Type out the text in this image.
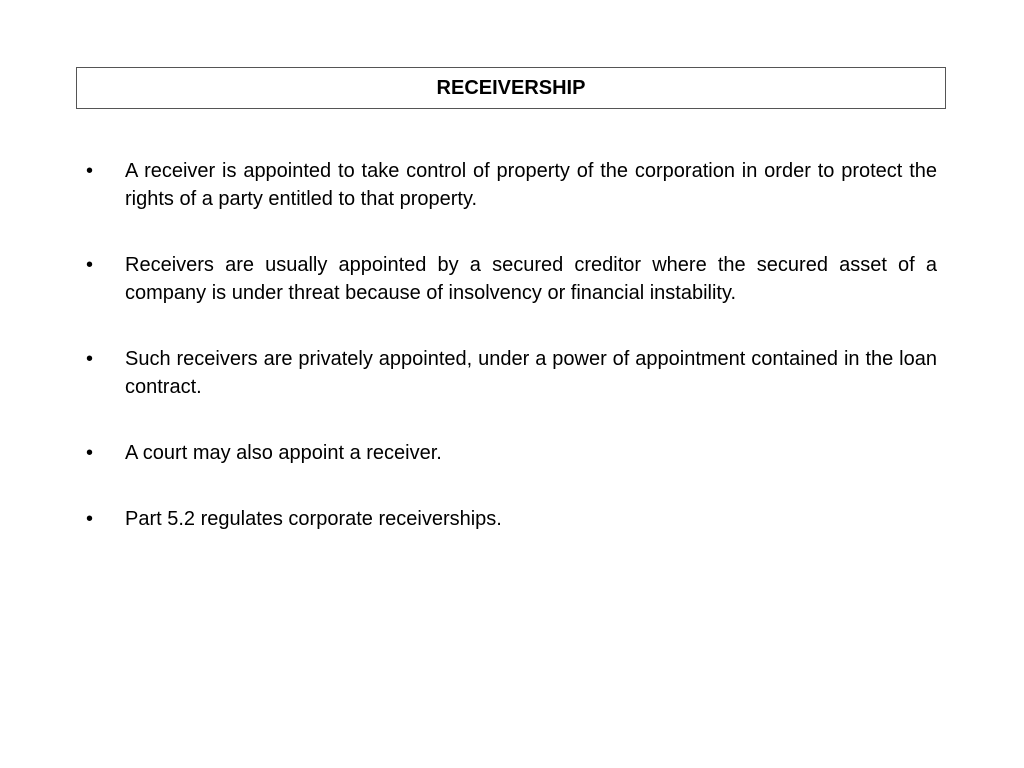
RECEIVERSHIP
• A receiver is appointed to take control of property of the corporation in order to protect the rights of a party entitled to that property.
• Receivers are usually appointed by a secured creditor where the secured asset of a company is under threat because of insolvency or financial instability.
• Such receivers are privately appointed, under a power of appointment contained in the loan contract.
• A court may also appoint a receiver.
• Part 5.2 regulates corporate receiverships.
